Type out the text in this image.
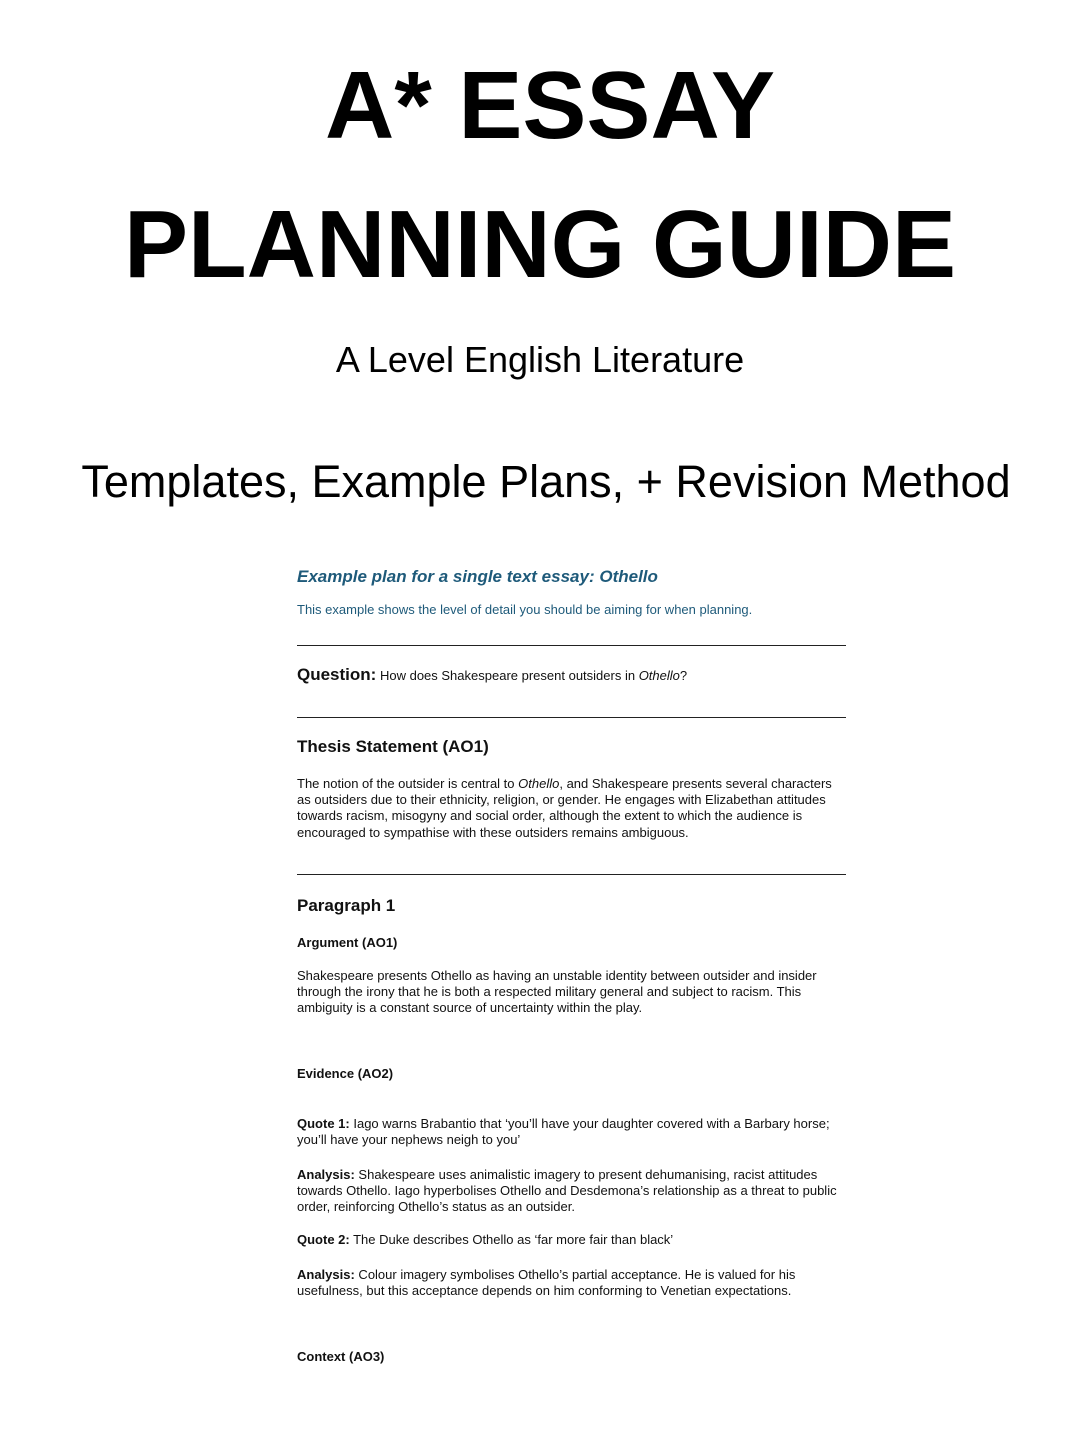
A* ESSAY
PLANNING GUIDE
A Level English Literature
Templates, Example Plans, + Revision Method
Example plan for a single text essay: Othello
This example shows the level of detail you should be aiming for when planning.
Question: How does Shakespeare present outsiders in Othello?
Thesis Statement (AO1)
The notion of the outsider is central to Othello, and Shakespeare presents several characters as outsiders due to their ethnicity, religion, or gender. He engages with Elizabethan attitudes towards racism, misogyny and social order, although the extent to which the audience is encouraged to sympathise with these outsiders remains ambiguous.
Paragraph 1
Argument (AO1)
Shakespeare presents Othello as having an unstable identity between outsider and insider through the irony that he is both a respected military general and subject to racism. This ambiguity is a constant source of uncertainty within the play.
Evidence (AO2)
Quote 1: Iago warns Brabantio that ‘you’ll have your daughter covered with a Barbary horse; you’ll have your nephews neigh to you’
Analysis: Shakespeare uses animalistic imagery to present dehumanising, racist attitudes towards Othello. Iago hyperbolises Othello and Desdemona’s relationship as a threat to public order, reinforcing Othello’s status as an outsider.
Quote 2: The Duke describes Othello as ‘far more fair than black’
Analysis: Colour imagery symbolises Othello’s partial acceptance. He is valued for his usefulness, but this acceptance depends on him conforming to Venetian expectations.
Context (AO3)
